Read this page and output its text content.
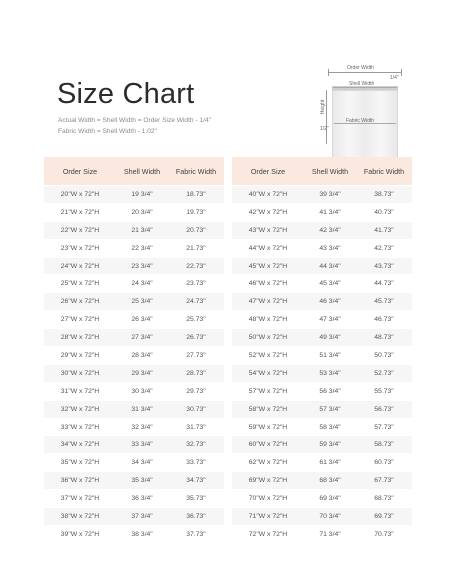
Size Chart
Actual Width = Shell Width = Order Size Width - 1/4"
Fabric Width = Shell Width - 1.02"
Order Width
1/4"
Shell Width
Height
1/2"
Fabric Width
Order Size	Shell Width	Fabric Width
20"W x 72"H	19 3/4"	18.73"
21"W x 72"H	20 3/4"	19.73"
22"W x 72"H	21 3/4"	20.73"
23"W x 72"H	22 3/4"	21.73"
24"W x 72"H	23 3/4"	22.73"
25"W x 72"H	24 3/4"	23.73"
26"W x 72"H	25 3/4"	24.73"
27"W x 72"H	26 3/4"	25.73"
28"W x 72"H	27 3/4"	26.73"
29"W x 72"H	28 3/4"	27.73"
30"W x 72"H	29 3/4"	28.73"
31"W x 72"H	30 3/4"	29.73"
32"W x 72"H	31 3/4"	30.73"
33"W x 72"H	32 3/4"	31.73"
34"W x 72"H	33 3/4"	32.73"
35"W x 72"H	34 3/4"	33.73"
36"W x 72"H	35 3/4"	34.73"
37"W x 72"H	36 3/4"	35.73"
38"W x 72"H	37 3/4"	36.73"
39"W x 72"H	38 3/4"	37.73"
Order Size	Shell Width	Fabric Width
40"W x 72"H	39 3/4"	38.73"
42"W x 72"H	41 3/4"	40.73"
43"W x 72"H	42 3/4"	41.73"
44"W x 72"H	43 3/4"	42.73"
45"W x 72"H	44 3/4"	43.73"
46"W x 72"H	45 3/4"	44.73"
47"W x 72"H	46 3/4"	45.73"
48"W x 72"H	47 3/4"	46.73"
50"W x 72"H	49 3/4"	48.73"
52"W x 72"H	51 3/4"	50.73"
54"W x 72"H	53 3/4"	52.73"
57"W x 72"H	56 3/4"	55.73"
58"W x 72"H	57 3/4"	56.73"
59"W x 72"H	58 3/4"	57.73"
60"W x 72"H	59 3/4"	58.73"
62"W x 72"H	61 3/4"	60.73"
69"W x 72"H	68 3/4"	67.73"
70"W x 72"H	69 3/4"	68.73"
71"W x 72"H	70 3/4"	69.73"
72"W x 72"H	71 3/4"	70.73"
